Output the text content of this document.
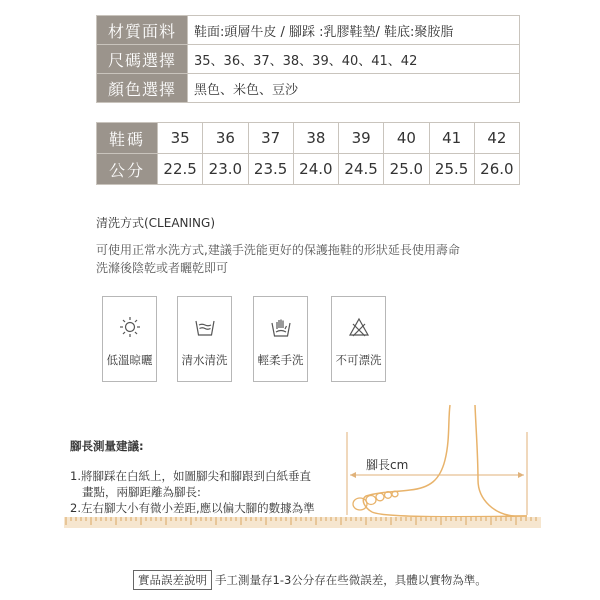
材質面料	鞋面:頭層牛皮 / 腳踩 :乳膠鞋墊/ 鞋底:聚胺脂
尺碼選擇	35、36、37、38、39、40、41、42
顏色選擇	黑色、米色、豆沙
鞋碼	35	36	37	38	39	40	41	42
公分	22.5	23.0	23.5	24.0	24.5	25.0	25.5	26.0
清洗方式(CLEANING)
可使用正常水洗方式,建議手洗能更好的保護拖鞋的形狀延長使用壽命
洗滌後陰乾或者曬乾即可
低溫晾曬	清水清洗	輕柔手洗	不可漂洗
腳長測量建議:
1.將腳踩在白紙上，如圖腳尖和腳跟到白紙垂直
畫點，兩腳距離為腳長:
2.左右腳大小有微小差距,應以偏大腳的數據為準
腳長cm
實品誤差說明 手工測量存1-3公分存在些微誤差，具體以實物為準。
